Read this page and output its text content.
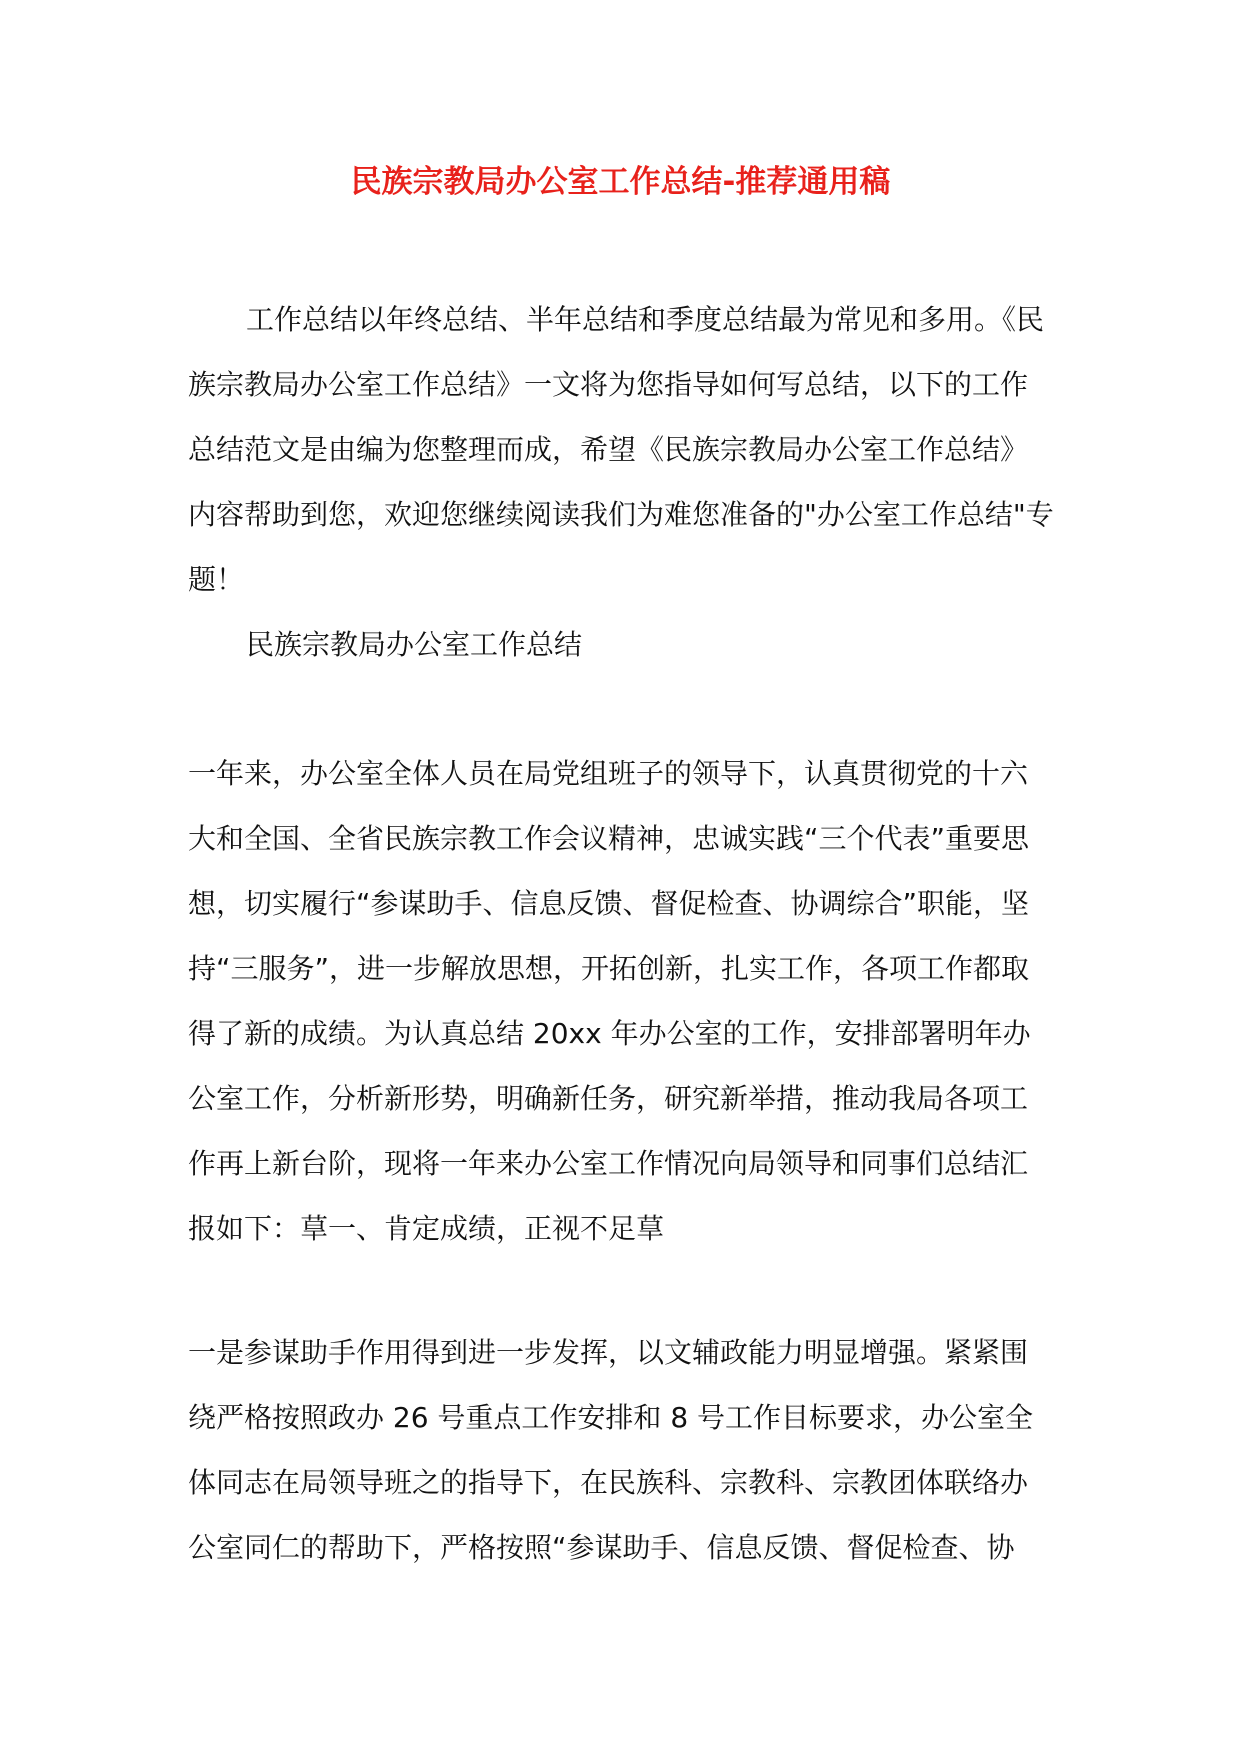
民族宗教局办公室工作总结-推荐通用稿

工作总结以年终总结、半年总结和季度总结最为常见和多用。《民族宗教局办公室工作总结》一文将为您指导如何写总结，以下的工作总结范文是由编为您整理而成，希望《民族宗教局办公室工作总结》内容帮助到您，欢迎您继续阅读我们为难您准备的"办公室工作总结"专题！

民族宗教局办公室工作总结

一年来，办公室全体人员在局党组班子的领导下，认真贯彻党的十六大和全国、全省民族宗教工作会议精神，忠诚实践“三个代表”重要思想，切实履行“参谋助手、信息反馈、督促检查、协调综合”职能，坚持“三服务”，进一步解放思想，开拓创新，扎实工作，各项工作都取得了新的成绩。为认真总结 20xx 年办公室的工作，安排部署明年办公室工作，分析新形势，明确新任务，研究新举措，推动我局各项工作再上新台阶，现将一年来办公室工作情况向局领导和同事们总结汇报如下：䓍一、肯定成绩，正视不足䓍

一是参谋助手作用得到进一步发挥，以文辅政能力明显增强。紧紧围绕严格按照政办 26 号重点工作安排和 8 号工作目标要求，办公室全体同志在局领导班之的指导下，在民族科、宗教科、宗教团体联络办公室同仁的帮助下，严格按照“参谋助手、信息反馈、督促检查、协
